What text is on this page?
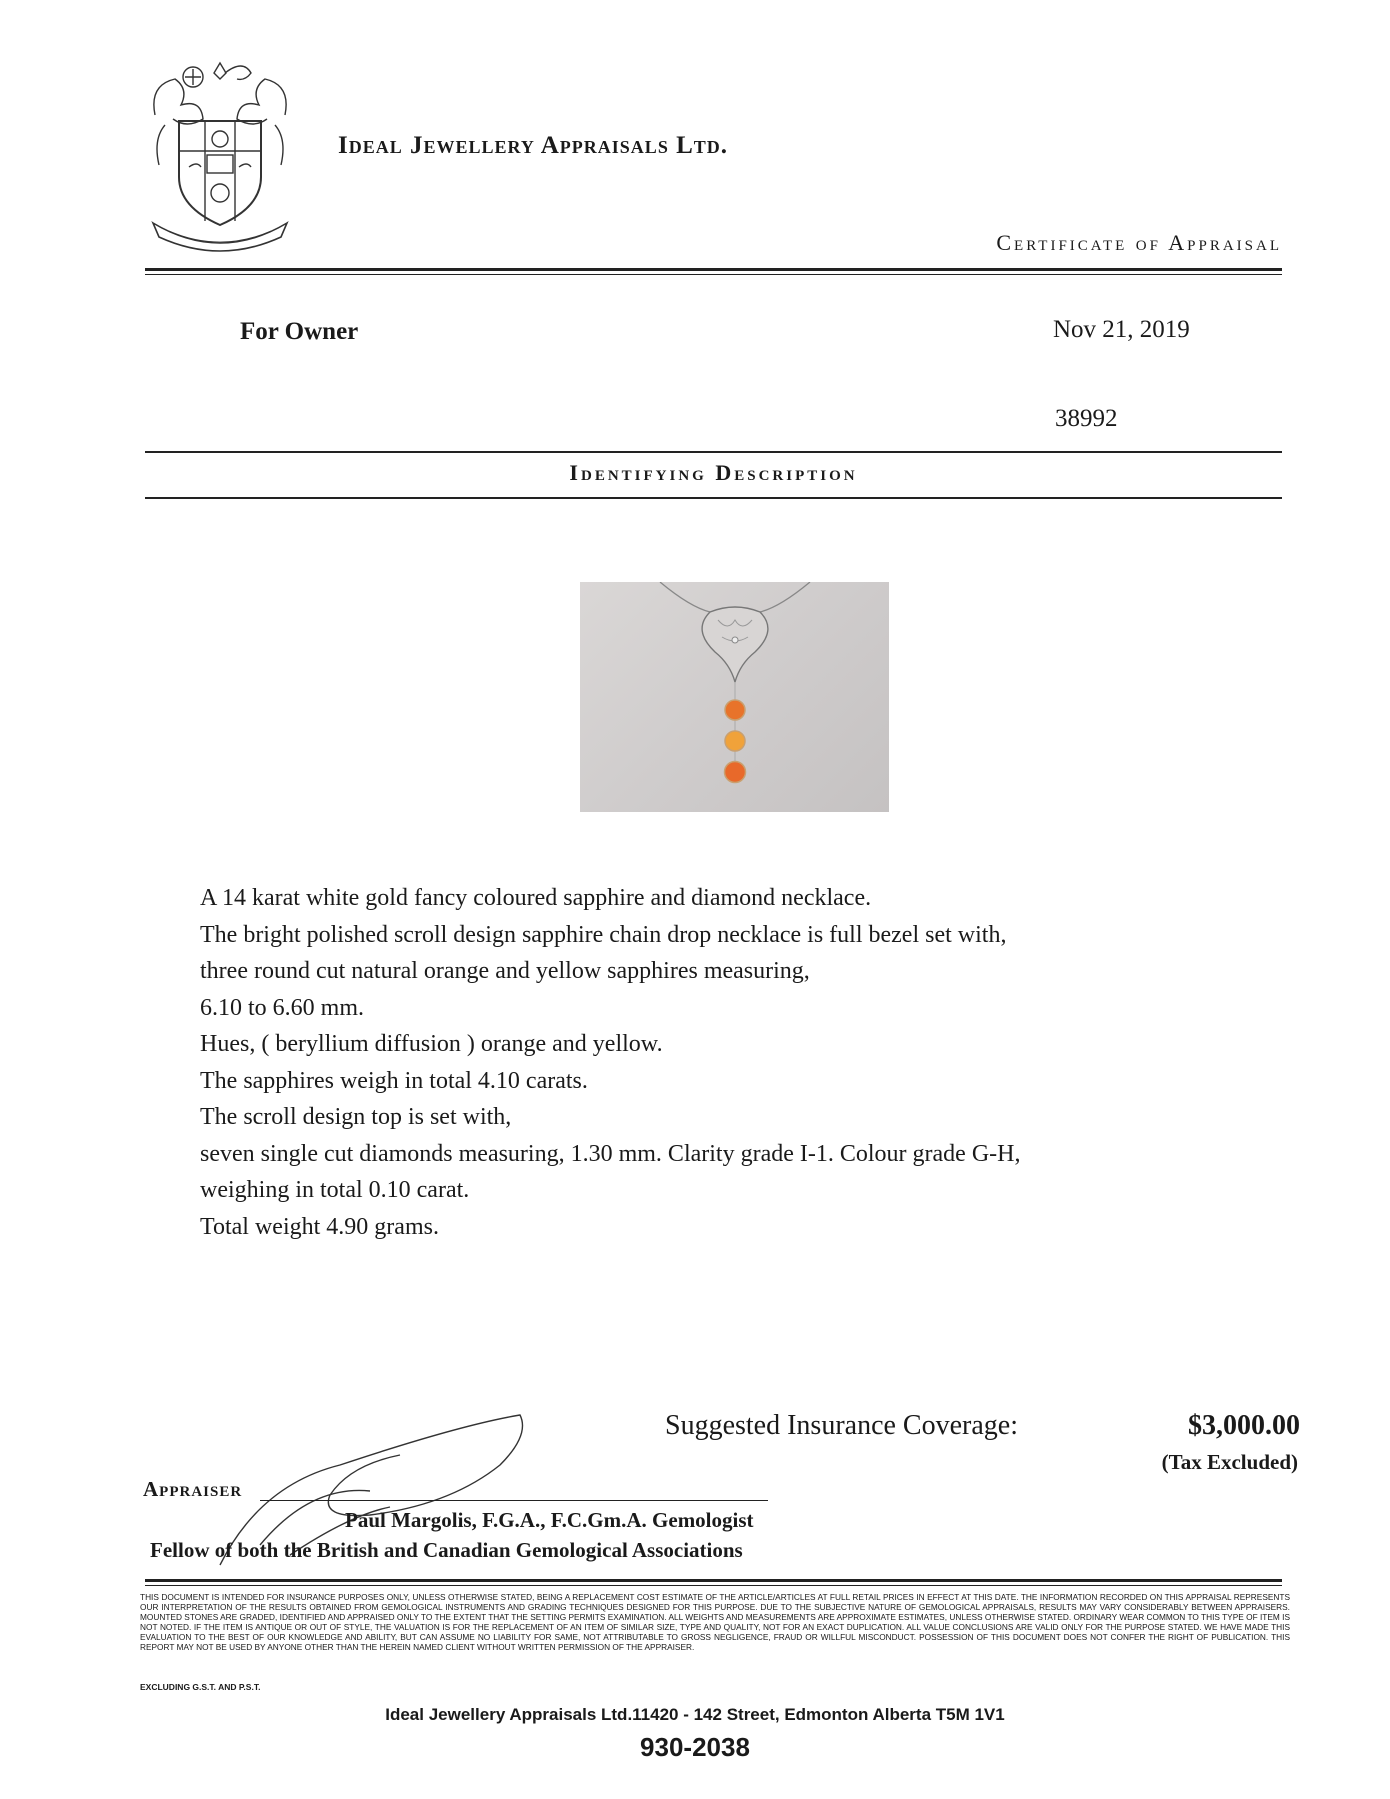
Ideal Jewellery Appraisals Ltd.
Certificate of Appraisal
For Owner	Nov 21, 2019
38992
Identifying Description
A 14 karat white gold fancy coloured sapphire and diamond necklace.
The bright polished scroll design sapphire chain drop necklace is full bezel set with,
three round cut natural orange and yellow sapphires measuring,
6.10 to 6.60 mm.
Hues, ( beryllium diffusion ) orange and yellow.
The sapphires weigh in total 4.10 carats.
The scroll design top is set with,
seven single cut diamonds measuring, 1.30 mm. Clarity grade I-1. Colour grade G-H,
weighing in total 0.10 carat.
Total weight 4.90 grams.
Suggested Insurance Coverage:	$3,000.00
(Tax Excluded)
Appraiser
Paul Margolis, F.G.A., F.C.Gm.A. Gemologist
Fellow of both the British and Canadian Gemological Associations
THIS DOCUMENT IS INTENDED FOR INSURANCE PURPOSES ONLY, UNLESS OTHERWISE STATED, BEING A REPLACEMENT COST ESTIMATE OF THE ARTICLE/ARTICLES AT FULL RETAIL PRICES IN EFFECT AT THIS DATE. THE INFORMATION RECORDED ON THIS APPRAISAL REPRESENTS OUR INTERPRETATION OF THE RESULTS OBTAINED FROM GEMOLOGICAL INSTRUMENTS AND GRADING TECHNIQUES DESIGNED FOR THIS PURPOSE. DUE TO THE SUBJECTIVE NATURE OF GEMOLOGICAL APPRAISALS, RESULTS MAY VARY CONSIDERABLY BETWEEN APPRAISERS. MOUNTED STONES ARE GRADED, IDENTIFIED AND APPRAISED ONLY TO THE EXTENT THAT THE SETTING PERMITS EXAMINATION. ALL WEIGHTS AND MEASUREMENTS ARE APPROXIMATE ESTIMATES, UNLESS OTHERWISE STATED. ORDINARY WEAR COMMON TO THIS TYPE OF ITEM IS NOT NOTED. IF THE ITEM IS ANTIQUE OR OUT OF STYLE, THE VALUATION IS FOR THE REPLACEMENT OF AN ITEM OF SIMILAR SIZE, TYPE AND QUALITY, NOT FOR AN EXACT DUPLICATION. ALL VALUE CONCLUSIONS ARE VALID ONLY FOR THE PURPOSE STATED. WE HAVE MADE THIS EVALUATION TO THE BEST OF OUR KNOWLEDGE AND ABILITY, BUT CAN ASSUME NO LIABILITY FOR SAME, NOT ATTRIBUTABLE TO GROSS NEGLIGENCE, FRAUD OR WILLFUL MISCONDUCT. POSSESSION OF THIS DOCUMENT DOES NOT CONFER THE RIGHT OF PUBLICATION. THIS REPORT MAY NOT BE USED BY ANYONE OTHER THAN THE HEREIN NAMED CLIENT WITHOUT WRITTEN PERMISSION OF THE APPRAISER.
EXCLUDING G.S.T. AND P.S.T.
Ideal Jewellery Appraisals Ltd.11420 - 142 Street, Edmonton Alberta T5M 1V1
930-2038
